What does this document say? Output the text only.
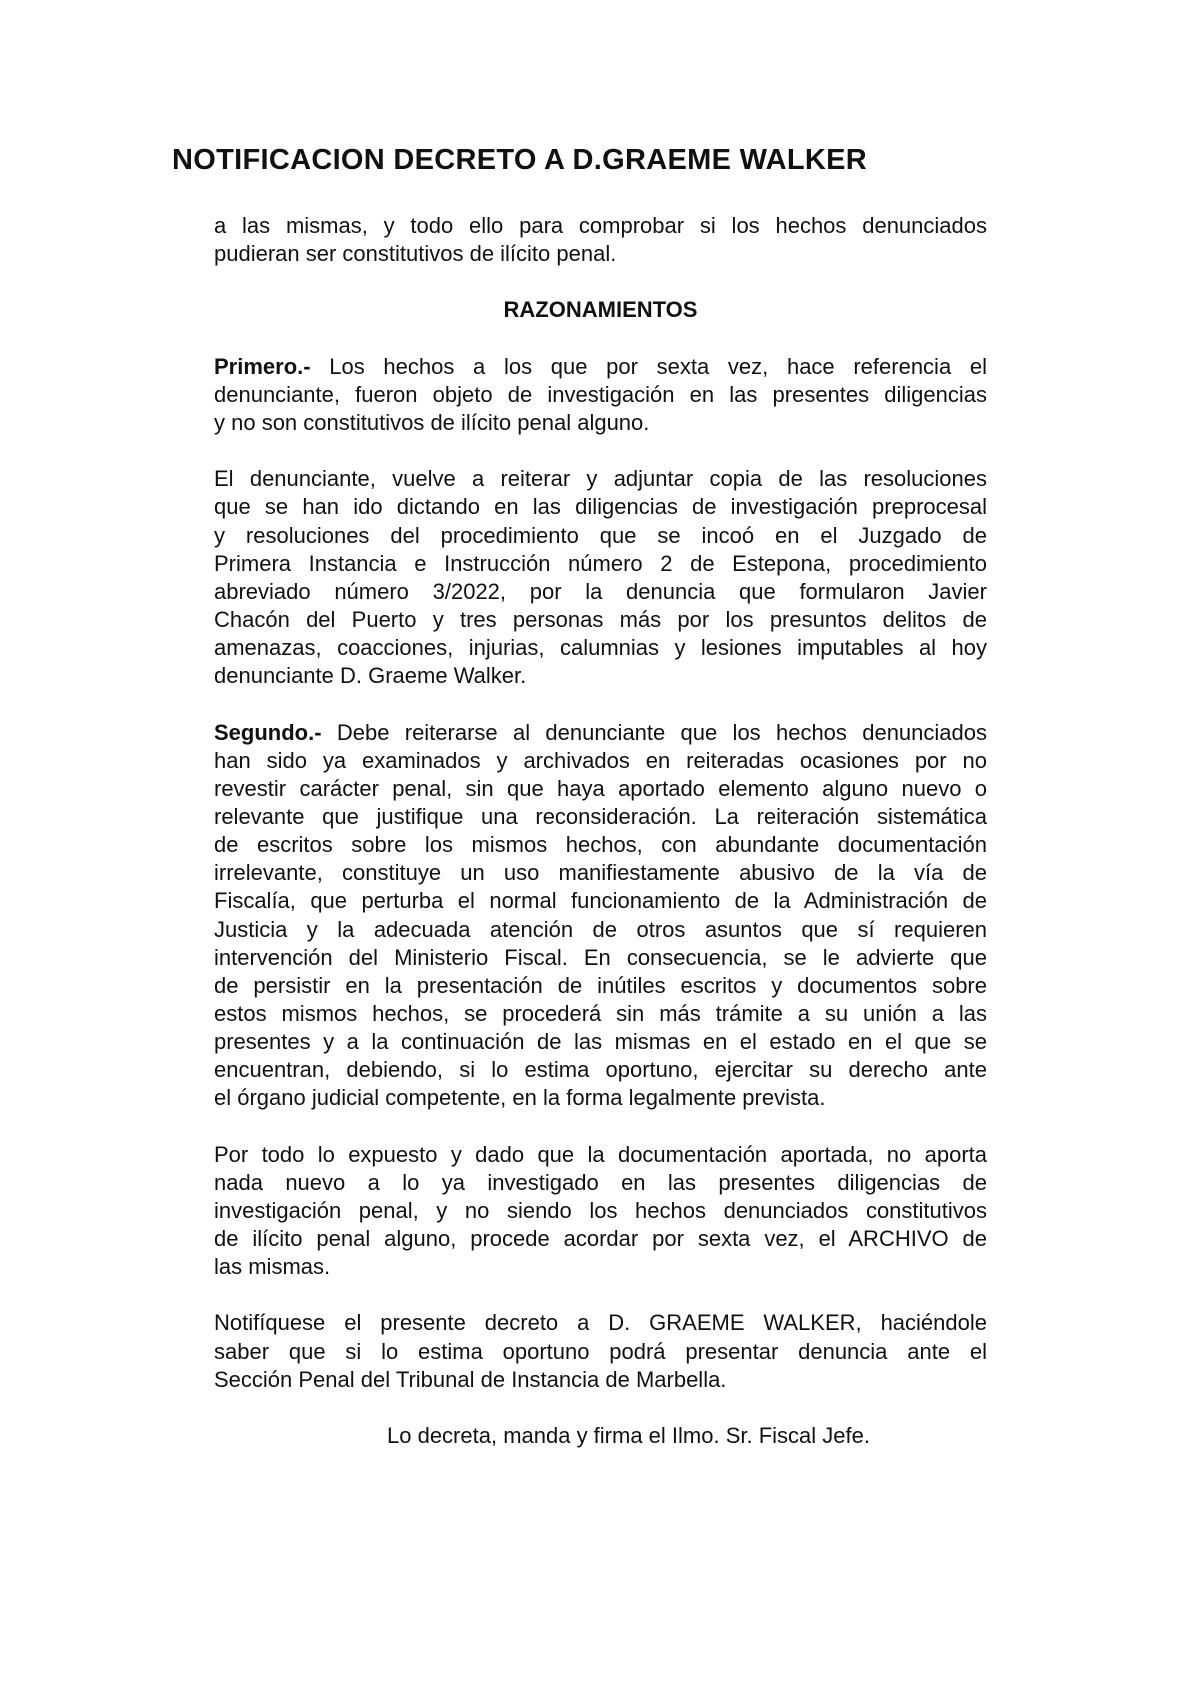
NOTIFICACION DECRETO A D.GRAEME WALKER
a las mismas, y todo ello para comprobar si los hechos denunciados
pudieran ser constitutivos de ilícito penal.
RAZONAMIENTOS
Primero.- Los hechos a los que por sexta vez, hace referencia el
denunciante, fueron objeto de investigación en las presentes diligencias
y no son constitutivos de ilícito penal alguno.
El denunciante, vuelve a reiterar y adjuntar copia de las resoluciones
que se han ido dictando en las diligencias de investigación preprocesal
y resoluciones del procedimiento que se incoó en el Juzgado de
Primera Instancia e Instrucción número 2 de Estepona, procedimiento
abreviado número 3/2022, por la denuncia que formularon Javier
Chacón del Puerto y tres personas más por los presuntos delitos de
amenazas, coacciones, injurias, calumnias y lesiones imputables al hoy
denunciante D. Graeme Walker.
Segundo.- Debe reiterarse al denunciante que los hechos denunciados
han sido ya examinados y archivados en reiteradas ocasiones por no
revestir carácter penal, sin que haya aportado elemento alguno nuevo o
relevante que justifique una reconsideración. La reiteración sistemática
de escritos sobre los mismos hechos, con abundante documentación
irrelevante, constituye un uso manifiestamente abusivo de la vía de
Fiscalía, que perturba el normal funcionamiento de la Administración de
Justicia y la adecuada atención de otros asuntos que sí requieren
intervención del Ministerio Fiscal. En consecuencia, se le advierte que
de persistir en la presentación de inútiles escritos y documentos sobre
estos mismos hechos, se procederá sin más trámite a su unión a las
presentes y a la continuación de las mismas en el estado en el que se
encuentran, debiendo, si lo estima oportuno, ejercitar su derecho ante
el órgano judicial competente, en la forma legalmente prevista.
Por todo lo expuesto y dado que la documentación aportada, no aporta
nada nuevo a lo ya investigado en las presentes diligencias de
investigación penal, y no siendo los hechos denunciados constitutivos
de ilícito penal alguno, procede acordar por sexta vez, el ARCHIVO de
las mismas.
Notifíquese el presente decreto a D. GRAEME WALKER, haciéndole
saber que si lo estima oportuno podrá presentar denuncia ante el
Sección Penal del Tribunal de Instancia de Marbella.
Lo decreta, manda y firma el Ilmo. Sr. Fiscal Jefe.
